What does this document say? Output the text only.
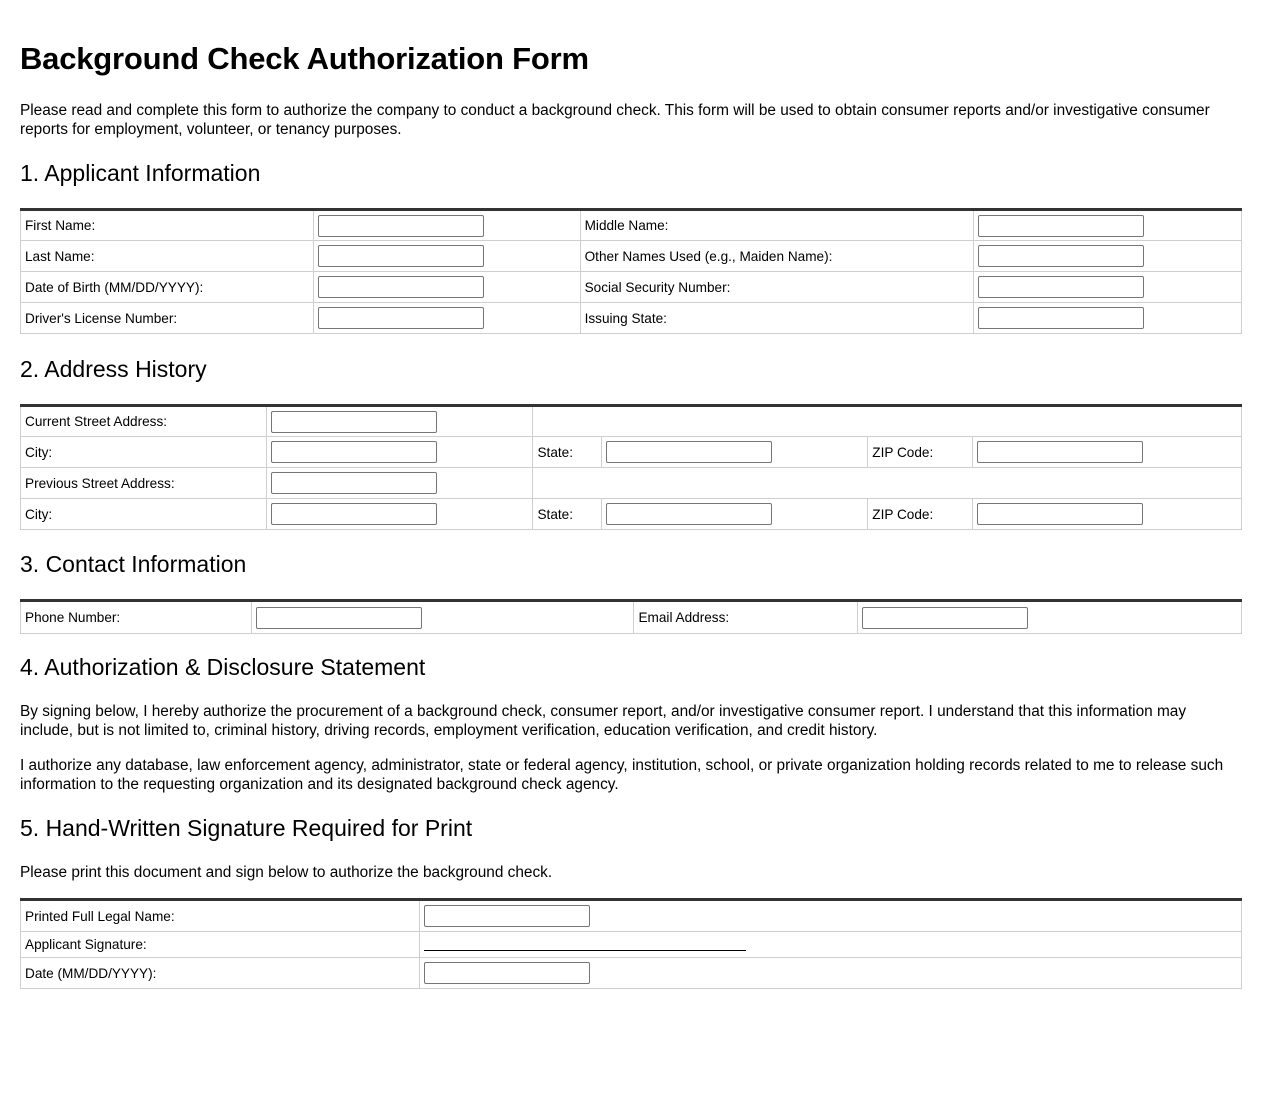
Background Check Authorization Form

Please read and complete this form to authorize the company to conduct a background check. This form will be used to obtain consumer reports and/or investigative consumer reports for employment, volunteer, or tenancy purposes.

1. Applicant Information
First Name:		Middle Name:	

Last Name:		Other Names Used (e.g., Maiden Name):	

Date of Birth (MM/DD/YYYY):		Social Security Number:	

Driver's License Number:		Issuing State:	
2. Address History
Current Street Address:	

City:		State:		ZIP Code:	

Previous Street Address:	

City:		State:		ZIP Code:	
3. Contact Information
Phone Number:		Email Address:	
4. Authorization & Disclosure Statement

By signing below, I hereby authorize the procurement of a background check, consumer report, and/or investigative consumer report. I understand that this information may include, but is not limited to, criminal history, driving records, employment verification, education verification, and credit history.

I authorize any database, law enforcement agency, administrator, state or federal agency, institution, school, or private organization holding records related to me to release such information to the requesting organization and its designated background check agency.

5. Hand-Written Signature Required for Print

Please print this document and sign below to authorize the background check.

Printed Full Legal Name:	

Applicant Signature:	
Date (MM/DD/YYYY):	
